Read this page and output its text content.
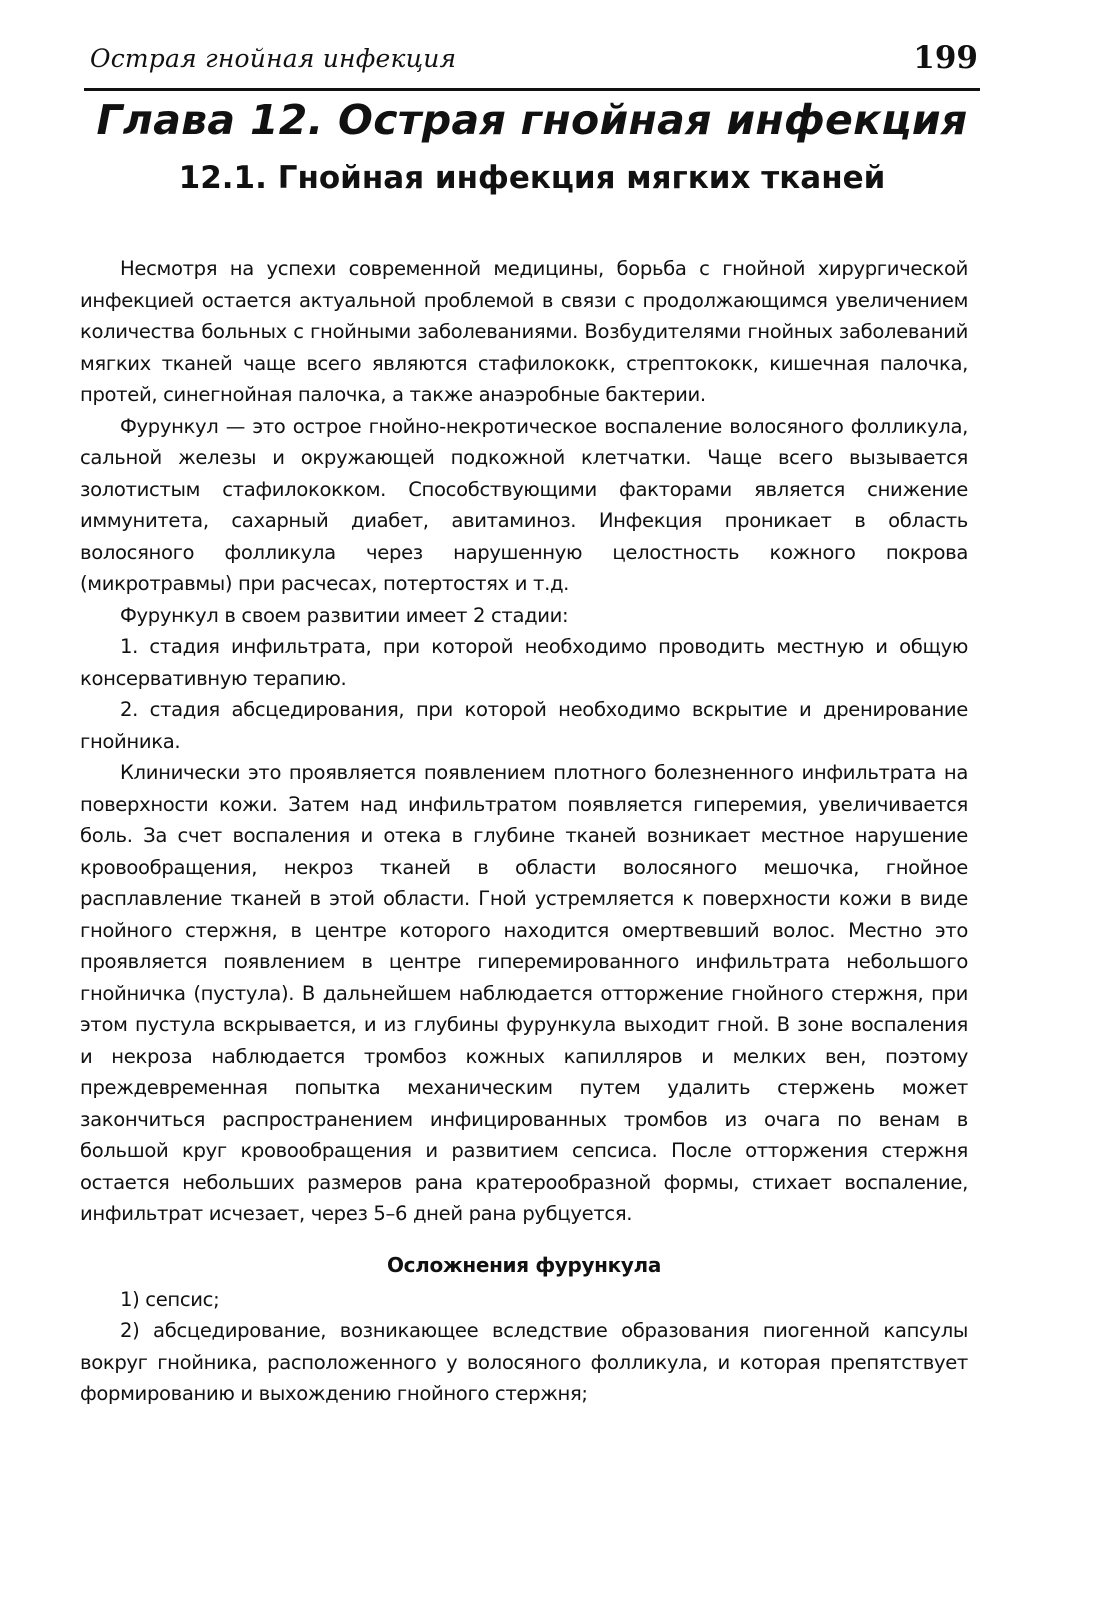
Острая гнойная инфекция	199
Глава 12. Острая гнойная инфекция
12.1. Гнойная инфекция мягких тканей

Несмотря на успехи современной медицины, борьба с гнойной хирургической инфекцией остается актуальной проблемой в связи с продолжающимся увеличением количества больных с гнойными заболеваниями. Возбудителями гнойных заболеваний мягких тканей чаще всего являются стафилококк, стрептококк, кишечная палочка, протей, синегнойная палочка, а также анаэробные бактерии.

Фурункул — это острое гнойно-некротическое воспаление волосяного фолликула, сальной железы и окружающей подкожной клетчатки. Чаще всего вызывается золотистым стафилококком. Способствующими факторами является снижение иммунитета, сахарный диабет, авитаминоз. Инфекция проникает в область волосяного фолликула через нарушенную целостность кожного покрова (микротравмы) при расчесах, потертостях и т.д.

Фурункул в своем развитии имеет 2 стадии:

1. стадия инфильтрата, при которой необходимо проводить местную и общую консервативную терапию.

2. стадия абсцедирования, при которой необходимо вскрытие и дренирование гнойника.

Клинически это проявляется появлением плотного болезненного инфильтрата на поверхности кожи. Затем над инфильтратом появляется гиперемия, увеличивается боль. За счет воспаления и отека в глубине тканей возникает местное нарушение кровообращения, некроз тканей в области волосяного мешочка, гнойное расплавление тканей в этой области. Гной устремляется к поверхности кожи в виде гнойного стержня, в центре которого находится омертвевший волос. Местно это проявляется появлением в центре гиперемированного инфильтрата небольшого гнойничка (пустула). В дальнейшем наблюдается отторжение гнойного стержня, при этом пустула вскрывается, и из глубины фурункула выходит гной. В зоне воспаления и некроза наблюдается тромбоз кожных капилляров и мелких вен, поэтому преждевременная попытка механическим путем удалить стержень может закончиться распространением инфицированных тромбов из очага по венам в большой круг кровообращения и развитием сепсиса. После отторжения стержня остается небольших размеров рана кратерообразной формы, стихает воспаление, инфильтрат исчезает, через 5–6 дней рана рубцуется.

Осложнения фурункула

1) сепсис;

2) абсцедирование, возникающее вследствие образования пиогенной капсулы вокруг гнойника, расположенного у волосяного фолликула, и которая препятствует формированию и выхождению гнойного стержня;
